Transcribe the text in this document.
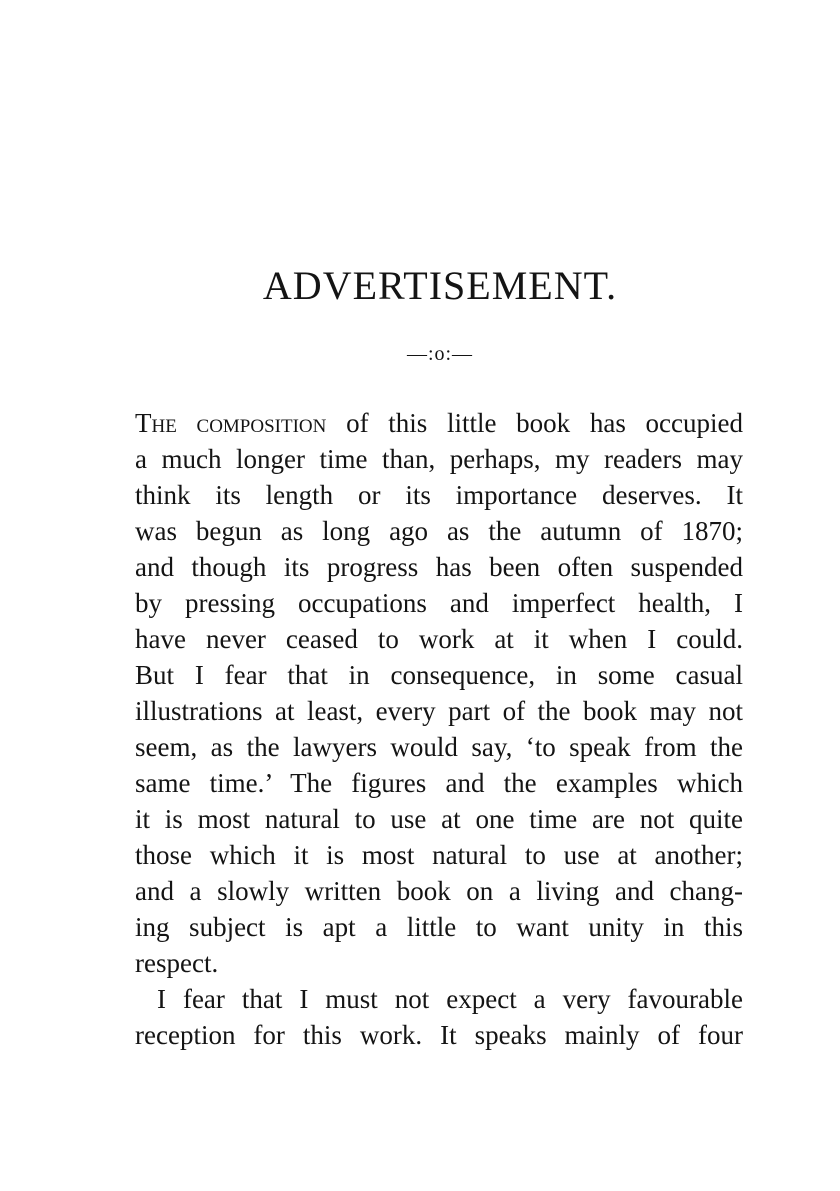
ADVERTISEMENT.
—:o:—
The composition of this little book has occupied
a much longer time than, perhaps, my readers may
think its length or its importance deserves. It
was begun as long ago as the autumn of 1870;
and though its progress has been often suspended
by pressing occupations and imperfect health, I
have never ceased to work at it when I could.
But I fear that in consequence, in some casual
illustrations at least, every part of the book may not
seem, as the lawyers would say, ‘to speak from the
same time.’ The figures and the examples which
it is most natural to use at one time are not quite
those which it is most natural to use at another;
and a slowly written book on a living and chang-
ing subject is apt a little to want unity in this
respect.
I fear that I must not expect a very favourable
reception for this work. It speaks mainly of four
